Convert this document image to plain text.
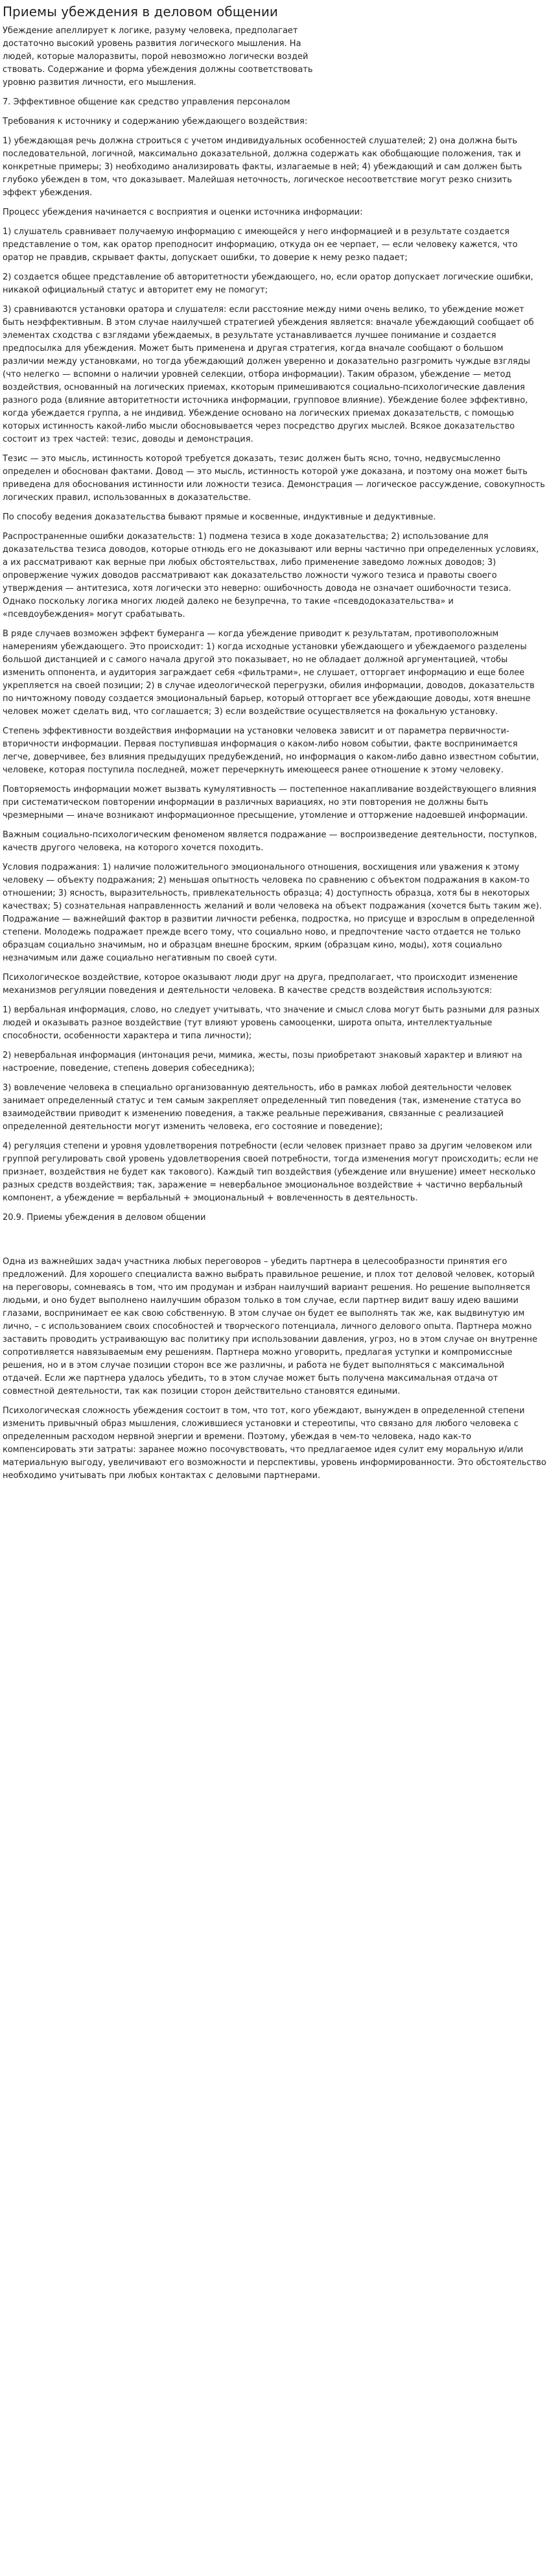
Приемы убеждения в деловом общении

Убеждение апеллирует к логике, разуму человека, предполагает
достаточно высокий уровень развития логического мышления. На
людей, которые малоразвиты, порой невозможно логически воздей
ствовать. Содержание и форма убеждения должны соответствовать
уровню развития личности, его мышления.

7. Эффективное общение как средство управления персоналом

Требования к источнику и содержанию убеждающего воздействия:

1) убеждающая речь должна строиться с учетом индивидуальных особенностей слушателей; 2) она должна быть последовательной, логичной, максимально доказательной, должна содержать как обобщающие положения, так и конкретные примеры; 3) необходимо анализировать факты, излагаемые в ней; 4) убеждающий и сам должен быть глубоко убежден в том, что доказывает. Малейшая неточность, логическое несоответствие могут резко снизить эффект убеждения.

Процесс убеждения начинается с восприятия и оценки источника информации:

1) слушатель сравнивает получаемую информацию с имеющейся у него информацией и в результате создается представление о том, как оратор преподносит информацию, откуда он ее черпает, — если человеку кажется, что оратор не правдив, скрывает факты, допускает ошибки, то доверие к нему резко падает;

2) создается общее представление об авторитетности убеждающего, но, если оратор допускает логические ошибки, никакой официальный статус и авторитет ему не помогут;

3) сравниваются установки оратора и слушателя: если расстояние между ними очень велико, то убеждение может быть неэффективным. В этом случае наилучшей стратегией убеждения является: вначале убеждающий сообщает об элементах сходства с взглядами убеждаемых, в результате устанавливается лучшее понимание и создается предпосылка для убеждения. Может быть применена и другая стратегия, когда вначале сообщают о большом различии между установками, но тогда убеждающий должен уверенно и доказательно разгромить чуждые взгляды (что нелегко — вспомни о наличии уровней селекции, отбора информации). Таким образом, убеждение — метод воздействия, основанный на логических приемах, ккоторым примешиваются социально-психологические давления разного рода (влияние авторитетности источника информации, групповое влияние). Убеждение более эффективно, когда убеждается группа, а не индивид. Убеждение основано на логических приемах доказательств, с помощью которых истинность какой-либо мысли обосновывается через посредство других мыслей. Всякое доказательство состоит из трех частей: тезис, доводы и демонстрация.

Тезис — это мысль, истинность которой требуется доказать, тезис должен быть ясно, точно, недвусмысленно определен и обоснован фактами. Довод — это мысль, истинность которой уже доказана, и поэтому она может быть приведена для обоснования истинности или ложности тезиса. Демонстрация — логическое рассуждение, совокупность логических правил, использованных в доказательстве.

По способу ведения доказательства бывают прямые и косвенные, индуктивные и дедуктивные.

Распространенные ошибки доказательств: 1) подмена тезиса в ходе доказательства; 2) использование для доказательства тезиса доводов, которые отнюдь его не доказывают или верны частично при определенных условиях, а их рассматривают как верные при любых обстоятельствах, либо применение заведомо ложных доводов; 3) опровержение чужих доводов рассматривают как доказательство ложности чужого тезиса и правоты своего утверждения — антитезиса, хотя логически это неверно: ошибочность довода не означает ошибочности тезиса. Однако поскольку логика многих людей далеко не безупречна, то такие «псевдодоказательства» и «псевдоубеждения» могут срабатывать.

В ряде случаев возможен эффект бумеранга — когда убеждение приводит к результатам, противоположным намерениям убеждающего. Это происходит: 1) когда исходные установки убеждающего и убеждаемого разделены большой дистанцией и с самого начала другой это показывает, но не обладает должной аргументацией, чтобы изменить оппонента, и аудитория заграждает себя «фильтрами», не слушает, отторгает информацию и еще более укрепляется на своей позиции; 2) в случае идеологической перегрузки, обилия информации, доводов, доказательств по ничтожному поводу создается эмоциональный барьер, который отторгает все убеждающие доводы, хотя внешне человек может сделать вид, что соглашается; 3) если воздействие осуществляется на фокальную установку.

Степень эффективности воздействия информации на установки человека зависит и от параметра первичности-вторичности информации. Первая поступившая информация о каком-либо новом событии, факте воспринимается легче, доверчивее, без влияния предыдущих предубеждений, но информация о каком-либо давно известном событии, человеке, которая поступила последней, может перечеркнуть имеющееся ранее отношение к этому человеку.

Повторяемость информации может вызвать кумулятивность — постепенное накапливание воздействующего влияния при систематическом повторении информации в различных вариациях, но эти повторения не должны быть чрезмерными — иначе возникают информационное пресыщение, утомление и отторжение надоевшей информации.

Важным социально-психологическим феноменом является подражание — воспроизведение деятельности, поступков, качеств другого человека, на которого хочется походить.

Условия подражания: 1) наличие положительного эмоционального отношения, восхищения или уважения к этому человеку — объекту подражания; 2) меньшая опытность человека по сравнению с объектом подражания в каком-то отношении; 3) ясность, выразительность, привлекательность образца; 4) доступность образца, хотя бы в некоторых качествах; 5) сознательная направленность желаний и воли человека на объект подражания (хочется быть таким же). Подражание — важнейший фактор в развитии личности ребенка, подростка, но присуще и взрослым в определенной степени. Молодежь подражает прежде всего тому, что социально ново, и предпочтение часто отдается не только образцам социально значимым, но и образцам внешне броским, ярким (образцам кино, моды), хотя социально незначимым или даже социально негативным по своей сути.

Психологическое воздействие, которое оказывают люди друг на друга, предполагает, что происходит изменение механизмов регуляции поведения и деятельности человека. В качестве средств воздействия используются:

1) вербальная информация, слово, но следует учитывать, что значение и смысл слова могут быть разными для разных людей и оказывать разное воздействие (тут влияют уровень самооценки, широта опыта, интеллектуальные способности, особенности характера и типа личности);

2) невербальная информация (интонация речи, мимика, жесты, позы приобретают знаковый характер и влияют на настроение, поведение, степень доверия собеседника);

3) вовлечение человека в специально организованную деятельность, ибо в рамках любой деятельности человек занимает определенный статус и тем самым закрепляет определенный тип поведения (так, изменение статуса во взаимодействии приводит к изменению поведения, а также реальные переживания, связанные с реализацией определенной деятельности могут изменить человека, его состояние и поведение);

4) регуляция степени и уровня удовлетворения потребности (если человек признает право за другим человеком или группой регулировать свой уровень удовлетворения своей потребности, тогда изменения могут происходить; если не признает, воздействия не будет как такового). Каждый тип воздействия (убеждение или внушение) имеет несколько разных средств воздействия; так, заражение = невербальное эмоциональное воздействие + частично вербальный компонент, а убеждение = вербальный + эмоциональный + вовлеченность в деятельность.

20.9. Приемы убеждения в деловом общении

Одна из важнейших задач участника любых переговоров – убедить партнера в целесообразности принятия его предложений. Для хорошего специалиста важно выбрать правильное решение, и плох тот деловой человек, который на переговоры, сомневаясь в том, что им продуман и избран наилучший вариант решения. Но решение выполняется людьми, и оно будет выполнено наилучшим образом только в том случае, если партнер видит вашу идею вашими глазами, воспринимает ее как свою собственную. В этом случае он будет ее выполнять так же, как выдвинутую им лично, – с использованием своих способностей и творческого потенциала, личного делового опыта. Партнера можно заставить проводить устраивающую вас политику при использовании давления, угроз, но в этом случае он внутренне сопротивляется навязываемым ему решениям. Партнера можно уговорить, предлагая уступки и компромиссные решения, но и в этом случае позиции сторон все же различны, и работа не будет выполняться с максимальной отдачей. Если же партнера удалось убедить, то в этом случае может быть получена максимальная отдача от совместной деятельности, так как позиции сторон действительно становятся едиными.

Психологическая сложность убеждения состоит в том, что тот, кого убеждают, вынужден в определенной степени изменить привычный образ мышления, сложившиеся установки и стереотипы, что связано для любого человека с определенным расходом нервной энергии и времени. Поэтому, убеждая в чем-то человека, надо как-то компенсировать эти затраты: заранее можно посочувствовать, что предлагаемое идея сулит ему моральную и/или материальную выгоду, увеличивают его возможности и перспективы, уровень информированности. Это обстоятельство необходимо учитывать при любых контактах с деловыми партнерами.
